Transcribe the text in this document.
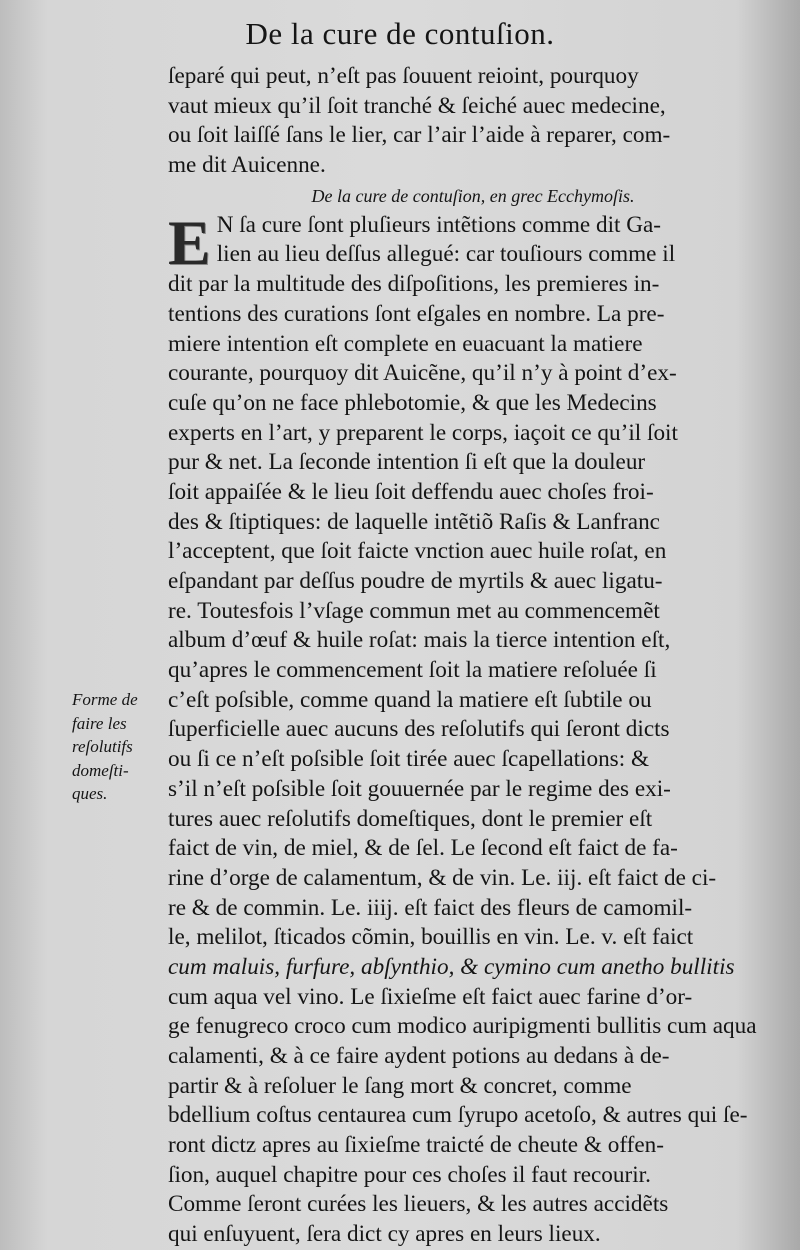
De la cure de contuſion.
Forme de
faire les
reſolutifs
domeſti-
ques.
ſeparé qui peut, n’eſt pas ſouuent reioint, pourquoy
vaut mieux qu’il ſoit tranché & ſeiché auec medecine,
ou ſoit laiſſé ſans le lier, car l’air l’aide à reparer, com-
me dit Auicenne.
De la cure de contuſion, en grec Ecchymoſis.
E N ſa cure ſont pluſieurs intẽtions comme dit Ga-
lien au lieu deſſus allegué: car touſiours comme il
dit par la multitude des diſpoſitions, les premieres in-
tentions des curations ſont eſgales en nombre. La pre-
miere intention eſt complete en euacuant la matiere
courante, pourquoy dit Auicẽne, qu’il n’y à point d’ex-
cuſe qu’on ne face phlebotomie, & que les Medecins
experts en l’art, y preparent le corps, iaçoit ce qu’il ſoit
pur & net. La ſeconde intention ſi eſt que la douleur
ſoit appaiſée & le lieu ſoit deffendu auec choſes froi-
des & ſtiptiques: de laquelle intẽtiõ Raſis & Lanfranc
l’acceptent, que ſoit faicte vnction auec huile roſat, en
eſpandant par deſſus poudre de myrtils & auec ligatu-
re. Toutesfois l’vſage commun met au commencemẽt
album d’œuf & huile roſat: mais la tierce intention eſt,
qu’apres le commencement ſoit la matiere reſoluée ſi
c’eſt poſsible, comme quand la matiere eſt ſubtile ou
ſuperficielle auec aucuns des reſolutifs qui ſeront dicts
ou ſi ce n’eſt poſsible ſoit tirée auec ſcapellations: &
s’il n’eſt poſsible ſoit gouuernée par le regime des exi-
tures auec reſolutifs domeſtiques, dont le premier eſt
faict de vin, de miel, & de ſel. Le ſecond eſt faict de fa-
rine d’orge de calamentum, & de vin. Le. iij. eſt faict de ci-
re & de commin. Le. iiij. eſt faict des fleurs de camomil-
le, melilot, ſticados cõmin, bouillis en vin. Le. v. eſt faict
cum maluis, furfure, abſynthio, & cymino cum anetho bullitis
cum aqua vel vino. Le ſixieſme eſt faict auec farine d’or-
ge fenugreco croco cum modico auripigmenti bullitis cum aqua
calamenti, & à ce faire aydent potions au dedans à de-
partir & à reſoluer le ſang mort & concret, comme
bdellium coſtus centaurea cum ſyrupo acetoſo, & autres qui ſe-
ront dictz apres au ſixieſme traicté de cheute & offen-
ſion, auquel chapitre pour ces choſes il faut recourir.
Comme ſeront curées les lieuers, & les autres accidẽts
qui enſuyuent, ſera dict cy apres en leurs lieux.
